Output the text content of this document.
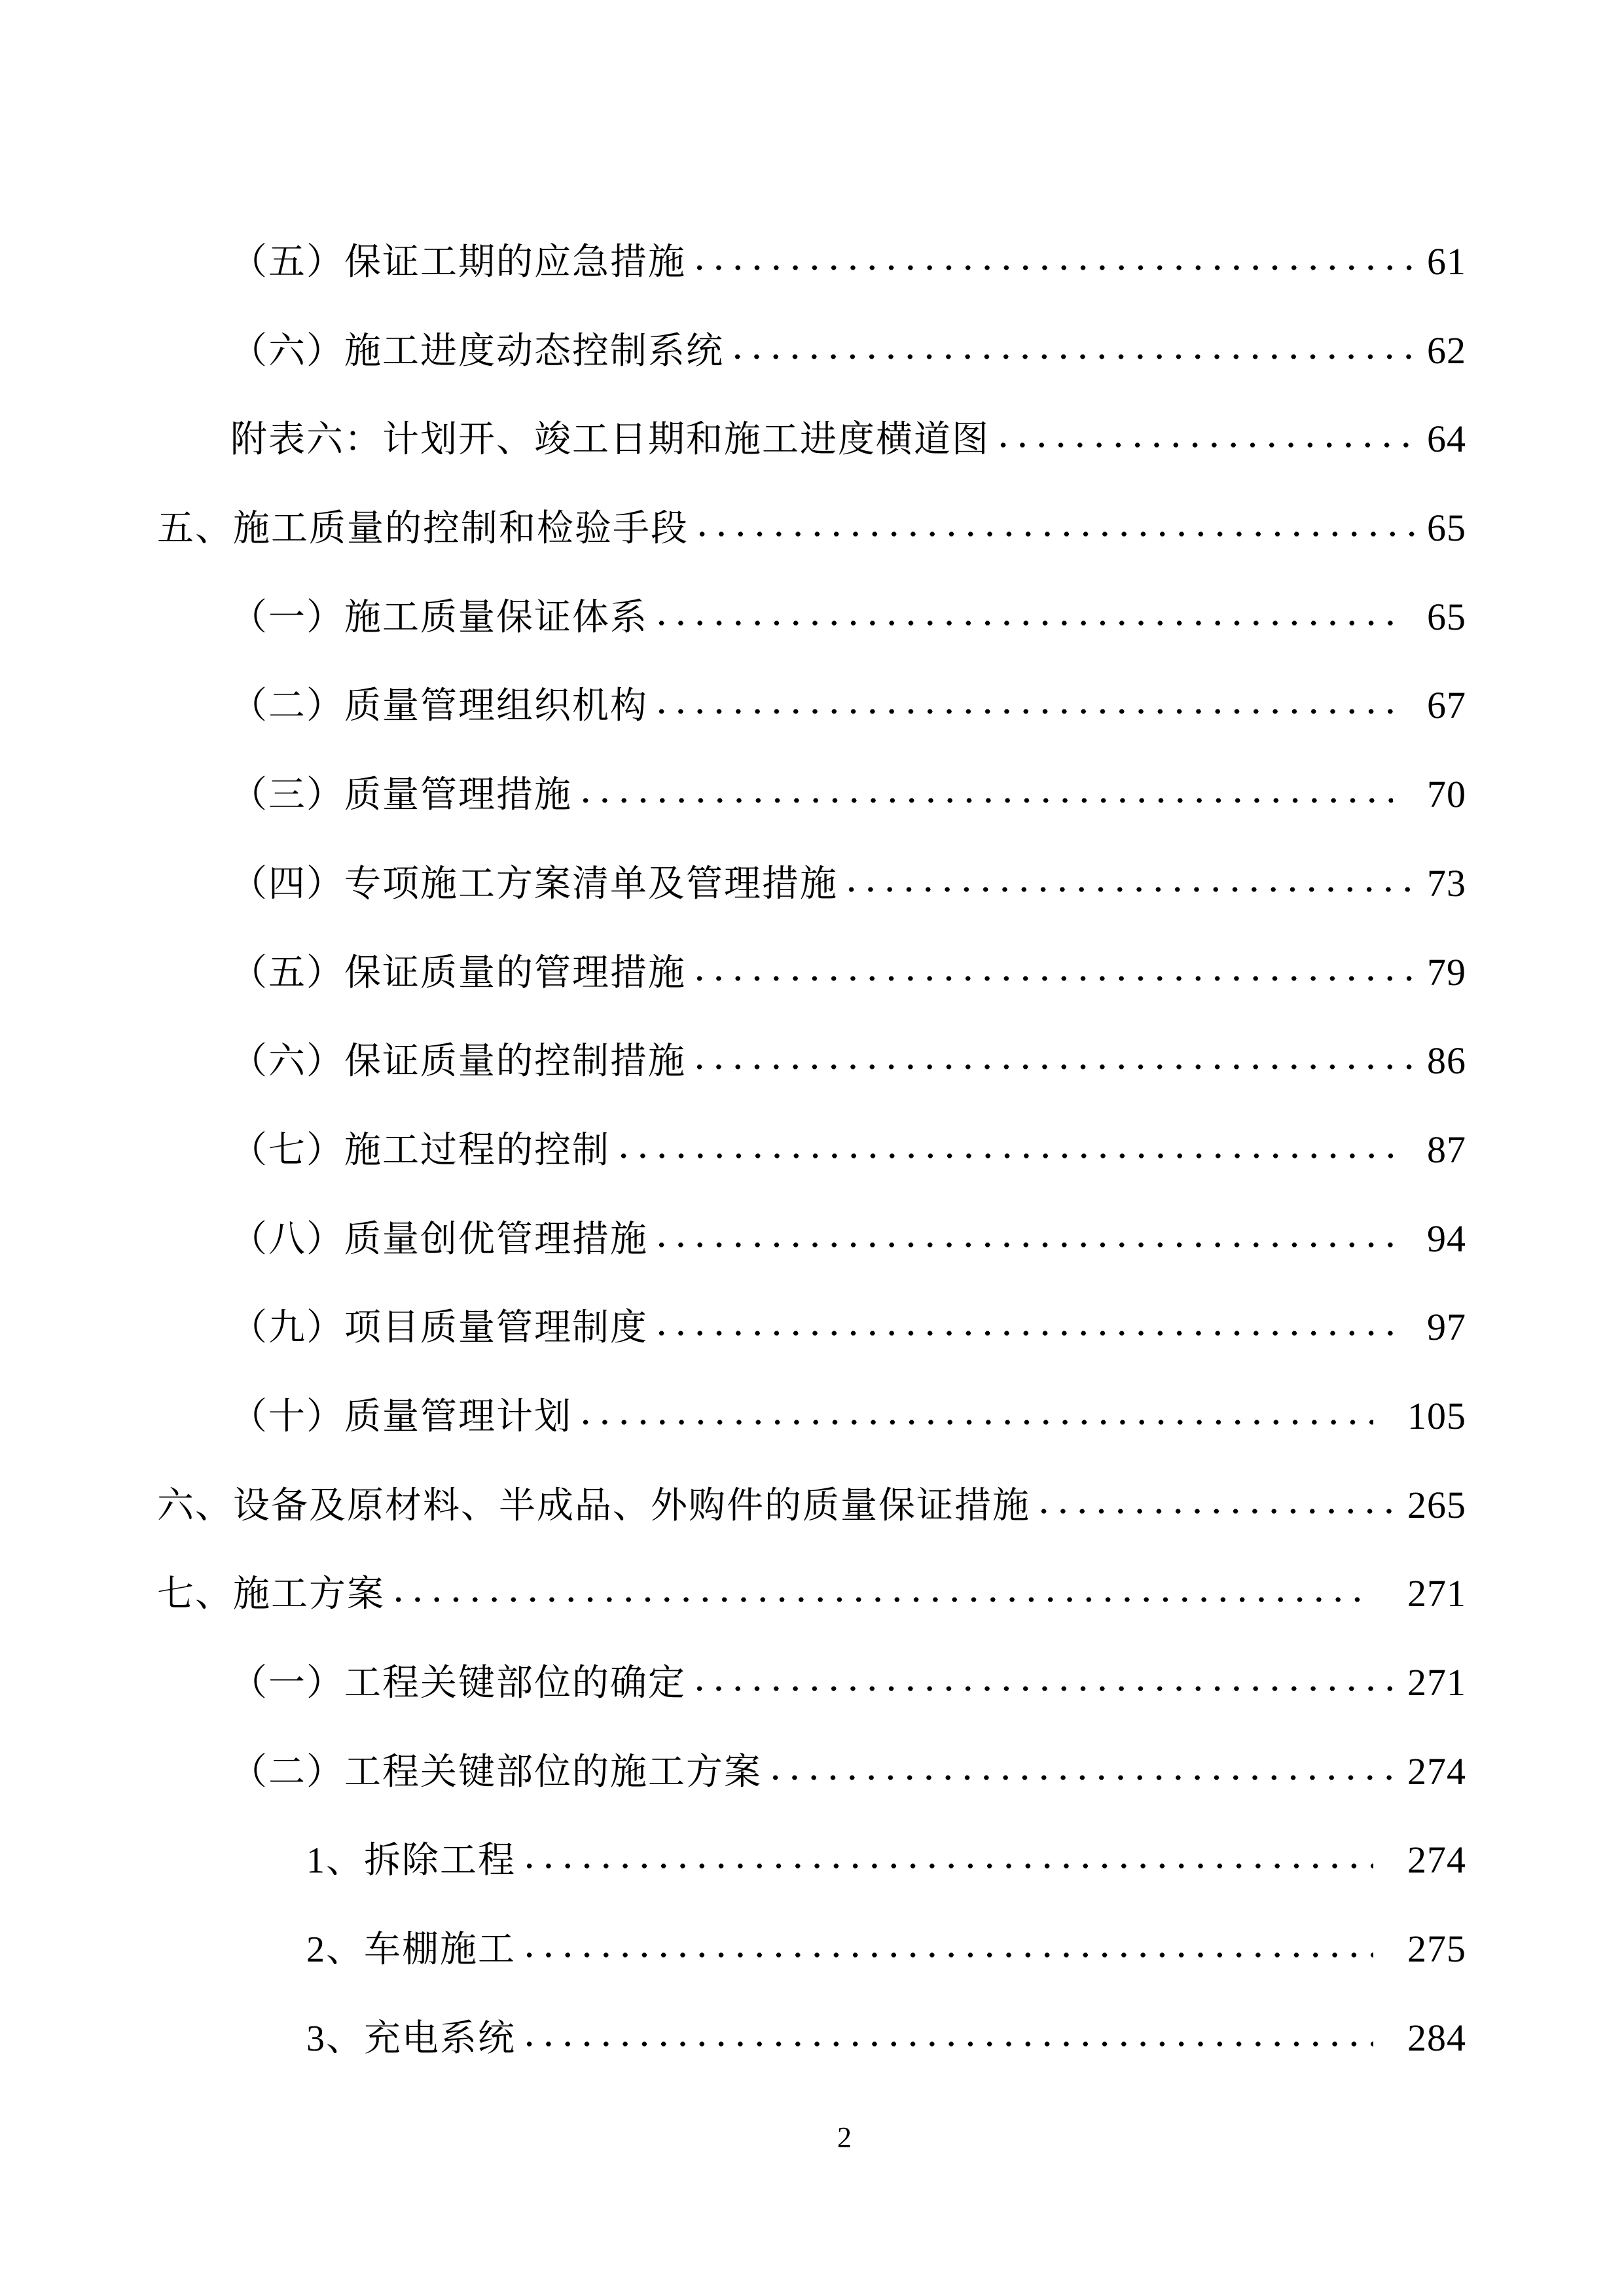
（五）保证工期的应急措施	61
（六）施工进度动态控制系统	62
附表六：计划开、竣工日期和施工进度横道图	64
五、施工质量的控制和检验手段	65
（一）施工质量保证体系	65
（二）质量管理组织机构	67
（三）质量管理措施	70
（四）专项施工方案清单及管理措施	73
（五）保证质量的管理措施	79
（六）保证质量的控制措施	86
（七）施工过程的控制	87
（八）质量创优管理措施	94
（九）项目质量管理制度	97
（十）质量管理计划	105
六、设备及原材料、半成品、外购件的质量保证措施	265
七、施工方案	271
（一）工程关键部位的确定	271
（二）工程关键部位的施工方案	274
1、拆除工程	274
2、车棚施工	275
3、充电系统	284
2
